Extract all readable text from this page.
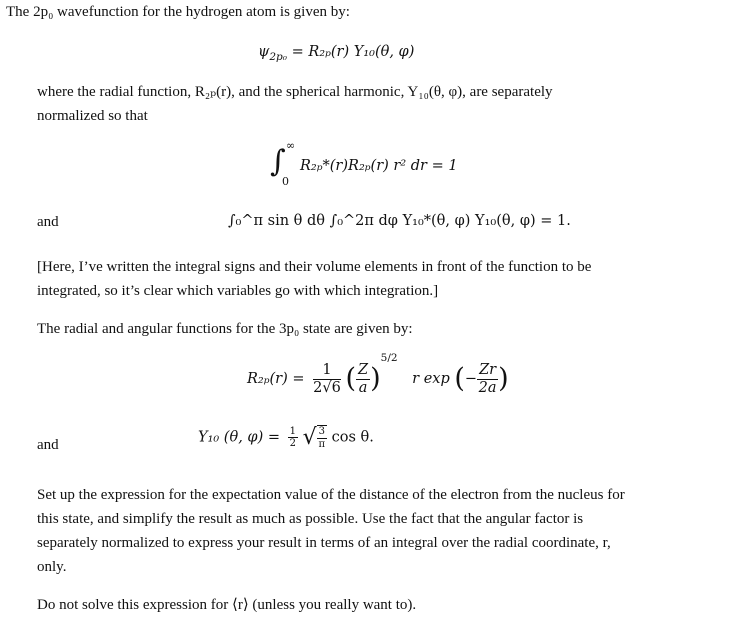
The 2p₀ wavefunction for the hydrogen atom is given by:
$\psi_{2p_0} = R_{2p}(r)$ Y₁₀(θ, φ)
where the radial function, R₂ₚ(r), and the spherical harmonic, Y₁₀(θ, φ), are separately
normalized so that
∫ ∞
0
R₂ₚ*(r)R₂ₚ(r) r² dr = 1
and	∫₀^π sin θ dθ ∫₀^2π dφ Y₁₀*(θ, φ) Y₁₀(θ, φ) = 1.
[Here, I’ve written the integral signs and their volume elements in front of the function to be
integrated, so it’s clear which variables go with which integration.]
The radial and angular functions for the 3p₀ state are given by:
$R_{2p}(r) = \frac{1}{2√6}$ ( $\frac{Z}{a} )^{5/2}$ r exp (− $\frac{Zr}{2a}$ )
and	Y₁₀ (θ, $\varphi) = \frac{1}{2}$ √ $\frac{3}{\pi}$ cos θ.
Set up the expression for the expectation value of the distance of the electron from the nucleus for
this state, and simplify the result as much as possible. Use the fact that the angular factor is
separately normalized to express your result in terms of an integral over the radial coordinate, r,
only.
Do not solve this expression for ⟨r⟩ (unless you really want to).
